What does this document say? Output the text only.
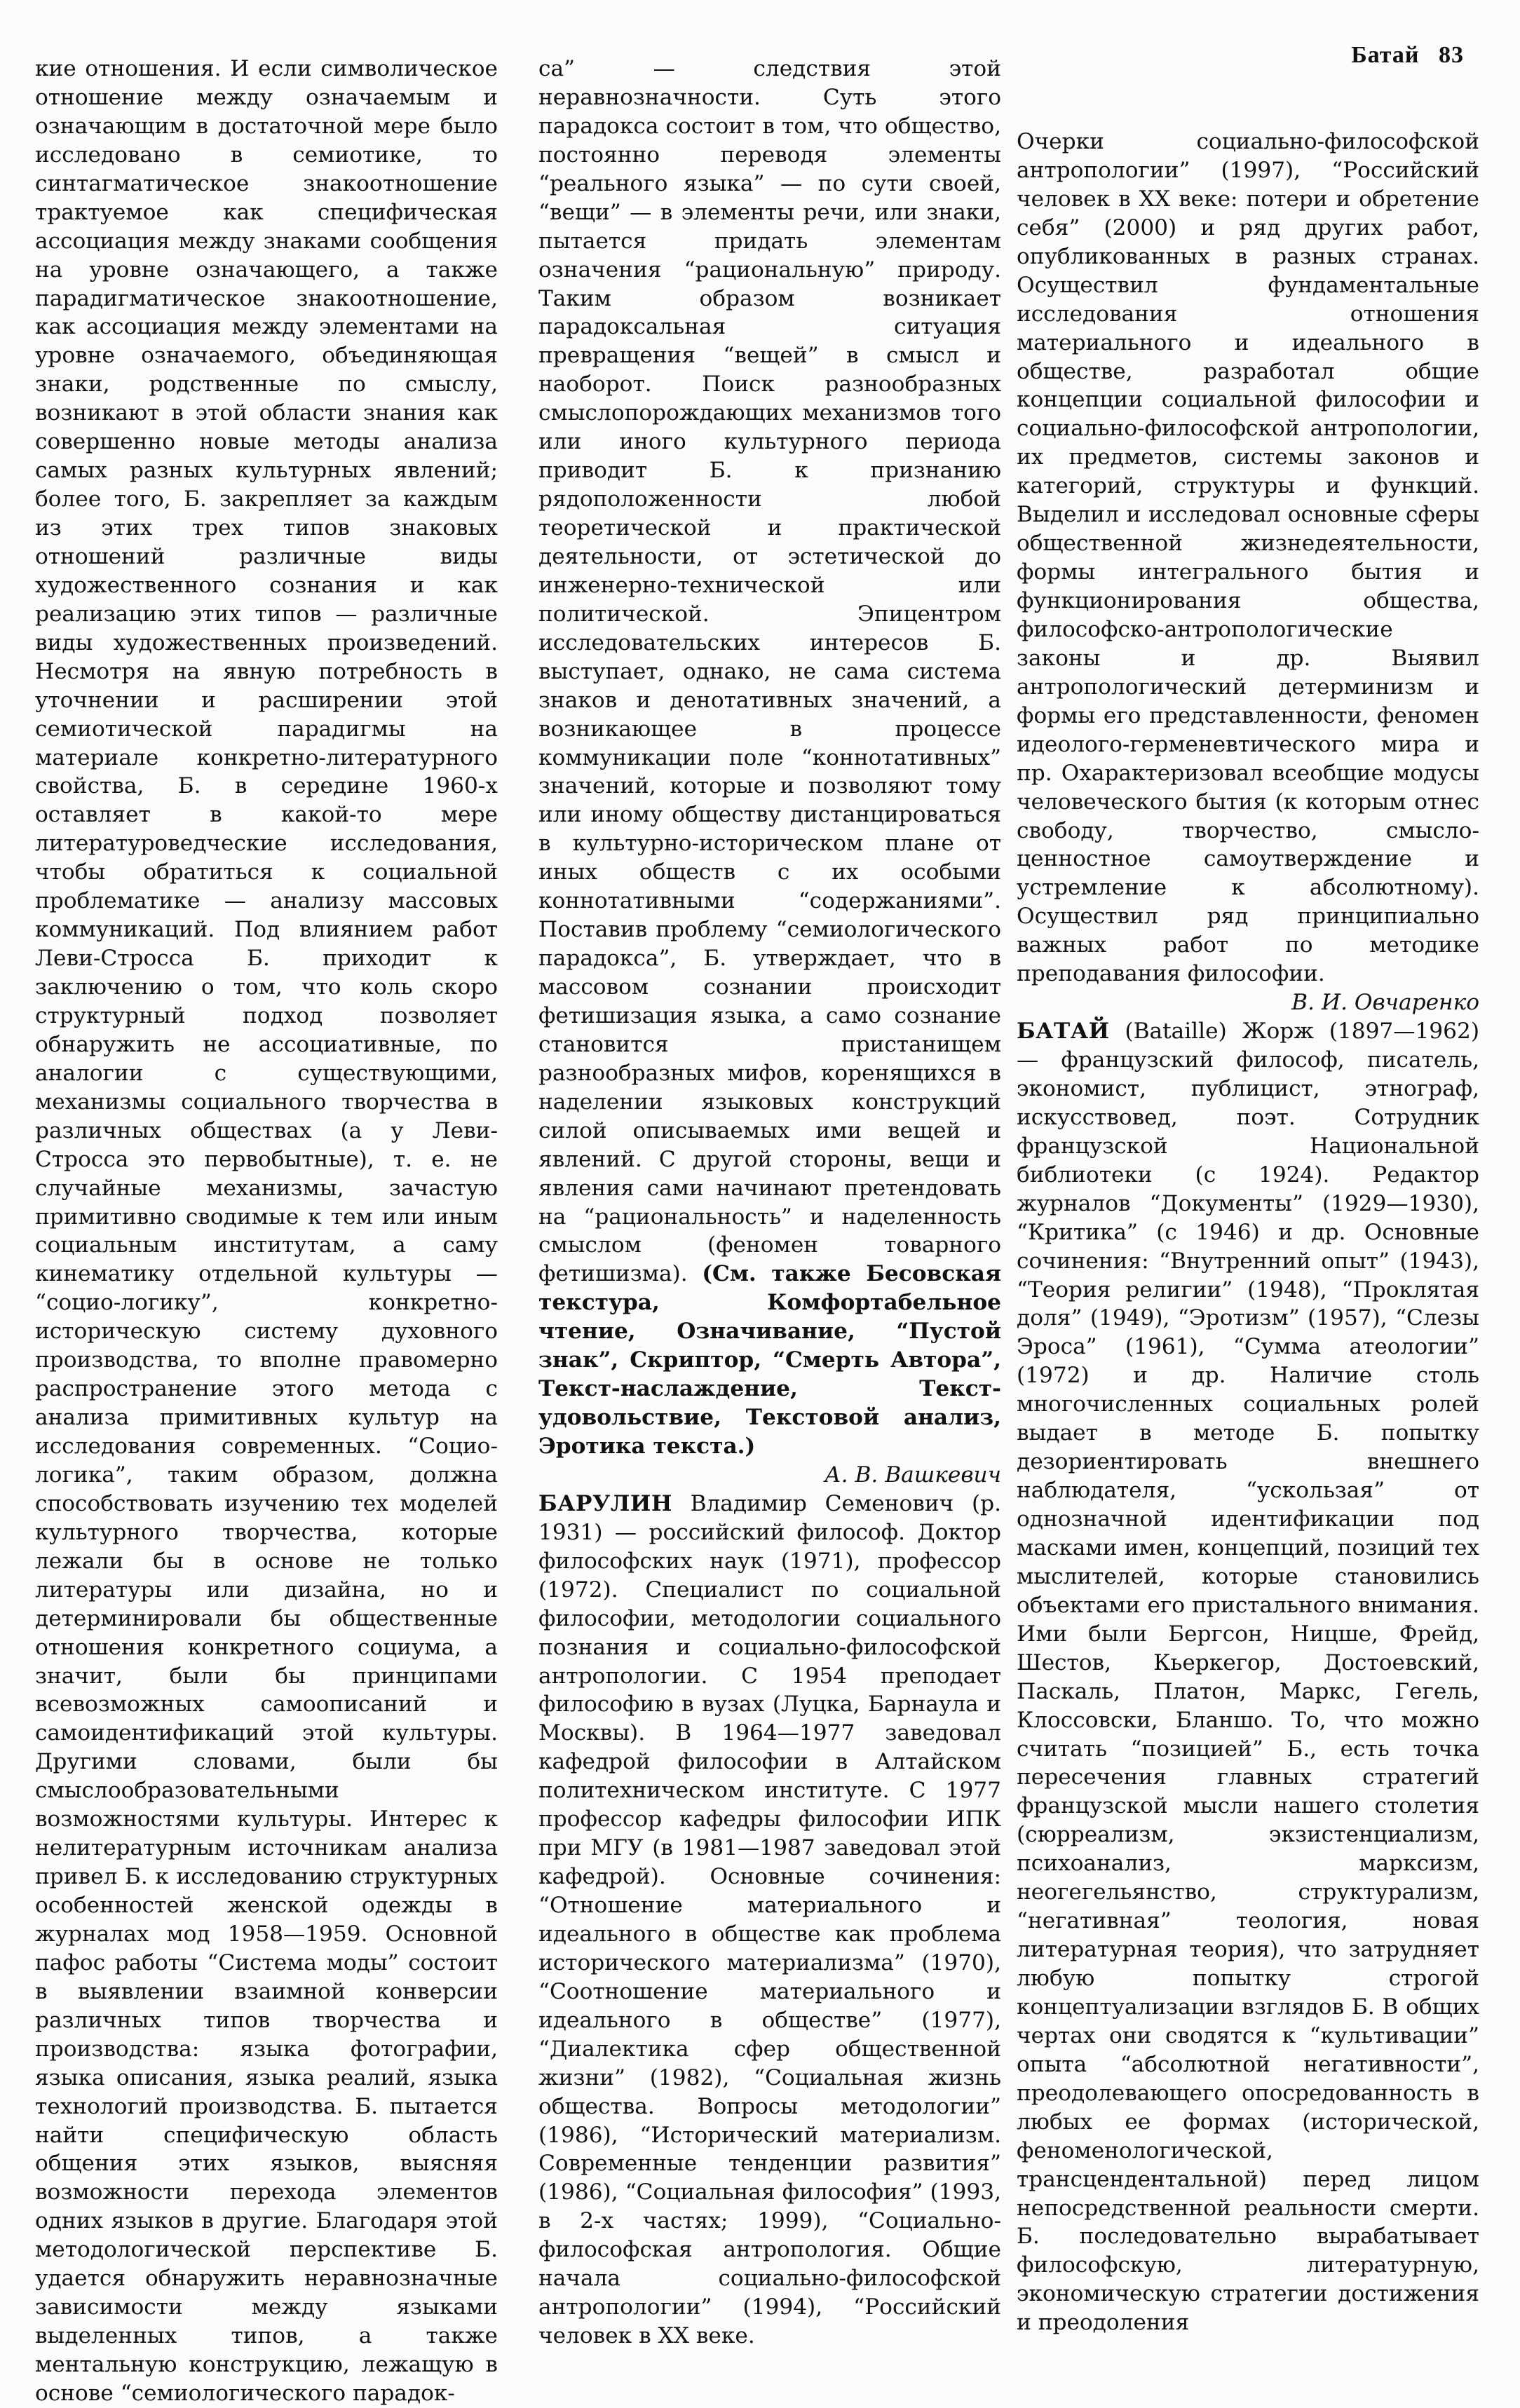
Батай 83

кие отношения. И если символическое отношение между означаемым и означающим в достаточной мере было исследовано в семиотике, то синтагматическое знакоотношение трактуемое как специфическая ассоциация между знаками сообщения на уровне означающего, а также парадигматическое знакоотношение, как ассоциация между элементами на уровне означаемого, объединяющая знаки, родственные по смыслу, возникают в этой области знания как совершенно новые методы анализа самых разных культурных явлений; более того, Б. закрепляет за каждым из этих трех типов знаковых отношений различные виды художественного сознания и как реализацию этих типов — различные виды художественных произведений. Несмотря на явную потребность в уточнении и расширении этой семиотической парадигмы на материале конкретно-литературного свойства, Б. в середине 1960-х оставляет в какой-то мере литературоведческие исследования, чтобы обратиться к социальной проблематике — анализу массовых коммуникаций. Под влиянием работ Леви-Стросса Б. приходит к заключению о том, что коль скоро структурный подход позволяет обнаружить не ассоциативные, по аналогии с существующими, механизмы социального творчества в различных обществах (а у Леви-Стросса это первобытные), т. е. не случайные механизмы, зачастую примитивно сводимые к тем или иным социальным институтам, а саму кинематику отдельной культуры — “социо-логику”, конкретно-историческую систему духовного производства, то вполне правомерно распространение этого метода с анализа примитивных культур на исследования современных. “Социо-логика”, таким образом, должна способствовать изучению тех моделей культурного творчества, которые лежали бы в основе не только литературы или дизайна, но и детерминировали бы общественные отношения конкретного социума, а значит, были бы принципами всевозможных самоописаний и самоидентификаций этой культуры. Другими словами, были бы смыслообразовательными возможностями культуры. Интерес к нелитературным источникам анализа привел Б. к исследованию структурных особенностей женской одежды в журналах мод 1958—1959. Основной пафос работы “Система моды” состоит в выявлении взаимной конверсии различных типов творчества и производства: языка фотографии, языка описания, языка реалий, языка технологий производства. Б. пытается найти специфическую область общения этих языков, выясняя возможности перехода элементов одних языков в другие. Благодаря этой методологической перспективе Б. удается обнаружить неравнозначные зависимости между языками выделенных типов, а также ментальную конструкцию, лежащую в основе “семиологического парадок-

са” — следствия этой неравнозначности. Суть этого парадокса состоит в том, что общество, постоянно переводя элементы “реального языка” — по сути своей, “вещи” — в элементы речи, или знаки, пытается придать элементам означения “рациональную” природу. Таким образом возникает парадоксальная ситуация превращения “вещей” в смысл и наоборот. Поиск разнообразных смыслопорождающих механизмов того или иного культурного периода приводит Б. к признанию рядоположенности любой теоретической и практической деятельности, от эстетической до инженерно-технической или политической. Эпицентром исследовательских интересов Б. выступает, однако, не сама система знаков и денотативных значений, а возникающее в процессе коммуникации поле “коннотативных” значений, которые и позволяют тому или иному обществу дистанцироваться в культурно-историческом плане от иных обществ с их особыми коннотативными “содержаниями”. Поставив проблему “семиологического парадокса”, Б. утверждает, что в массовом сознании происходит фетишизация языка, а само сознание становится пристанищем разнообразных мифов, коренящихся в наделении языковых конструкций силой описываемых ими вещей и явлений. С другой стороны, вещи и явления сами начинают претендовать на “рациональность” и наделенность смыслом (феномен товарного фетишизма). (См. также Бесовская текстура, Комфортабельное чтение, Означивание, “Пустой знак”, Скриптор, “Смерть Автора”, Текст-наслаждение, Текст-удовольствие, Текстовой анализ, Эротика текста.)

А. В. Вашкевич

БАРУЛИН Владимир Семенович (р. 1931) — российский философ. Доктор философских наук (1971), профессор (1972). Специалист по социальной философии, методологии социального познания и социально-философской антропологии. С 1954 преподает философию в вузах (Луцка, Барнаула и Москвы). В 1964—1977 заведовал кафедрой философии в Алтайском политехническом институте. С 1977 профессор кафедры философии ИПК при МГУ (в 1981—1987 заведовал этой кафедрой). Основные сочинения: “Отношение материального и идеального в обществе как проблема исторического материализма” (1970), “Соотношение материального и идеального в обществе” (1977), “Диалектика сфер общественной жизни” (1982), “Социальная жизнь общества. Вопросы методологии” (1986), “Исторический материализм. Современные тенденции развития” (1986), “Социальная философия” (1993, в 2-х частях; 1999), “Социально-философская антропология. Общие начала социально-философской антропологии” (1994), “Российский человек в XX веке.

Очерки социально-философской антропологии” (1997), “Российский человек в XX веке: потери и обретение себя” (2000) и ряд других работ, опубликованных в разных странах. Осуществил фундаментальные исследования отношения материального и идеального в обществе, разработал общие концепции социальной философии и социально-философской антропологии, их предметов, системы законов и категорий, структуры и функций. Выделил и исследовал основные сферы общественной жизнедеятельности, формы интегрального бытия и функционирования общества, философско-антропологические законы и др. Выявил антропологический детерминизм и формы его представленности, феномен идеолого-герменевтического мира и пр. Охарактеризовал всеобщие модусы человеческого бытия (к которым отнес свободу, творчество, смысло-ценностное самоутверждение и устремление к абсолютному). Осуществил ряд принципиально важных работ по методике преподавания философии.

В. И. Овчаренко

БАТАЙ (Bataille) Жорж (1897—1962) — французский философ, писатель, экономист, публицист, этнограф, искусствовед, поэт. Сотрудник французской Национальной библиотеки (с 1924). Редактор журналов “Документы” (1929—1930), “Критика” (с 1946) и др. Основные сочинения: “Внутренний опыт” (1943), “Теория религии” (1948), “Проклятая доля” (1949), “Эротизм” (1957), “Слезы Эроса” (1961), “Сумма атеологии” (1972) и др. Наличие столь многочисленных социальных ролей выдает в методе Б. попытку дезориентировать внешнего наблюдателя, “ускользая” от однозначной идентификации под масками имен, концепций, позиций тех мыслителей, которые становились объектами его пристального внимания. Ими были Бергсон, Ницше, Фрейд, Шестов, Кьеркегор, Достоевский, Паскаль, Платон, Маркс, Гегель, Клоссовски, Бланшо. То, что можно считать “позицией” Б., есть точка пересечения главных стратегий французской мысли нашего столетия (сюрреализм, экзистенциализм, психоанализ, марксизм, неогегельянство, структурализм, “негативная” теология, новая литературная теория), что затрудняет любую попытку строгой концептуализации взглядов Б. В общих чертах они сводятся к “культивации” опыта “абсолютной негативности”, преодолевающего опосредованность в любых ее формах (исторической, феноменологической, трансцендентальной) перед лицом непосредственной реальности смерти. Б. последовательно вырабатывает философскую, литературную, экономическую стратегии достижения и преодоления
